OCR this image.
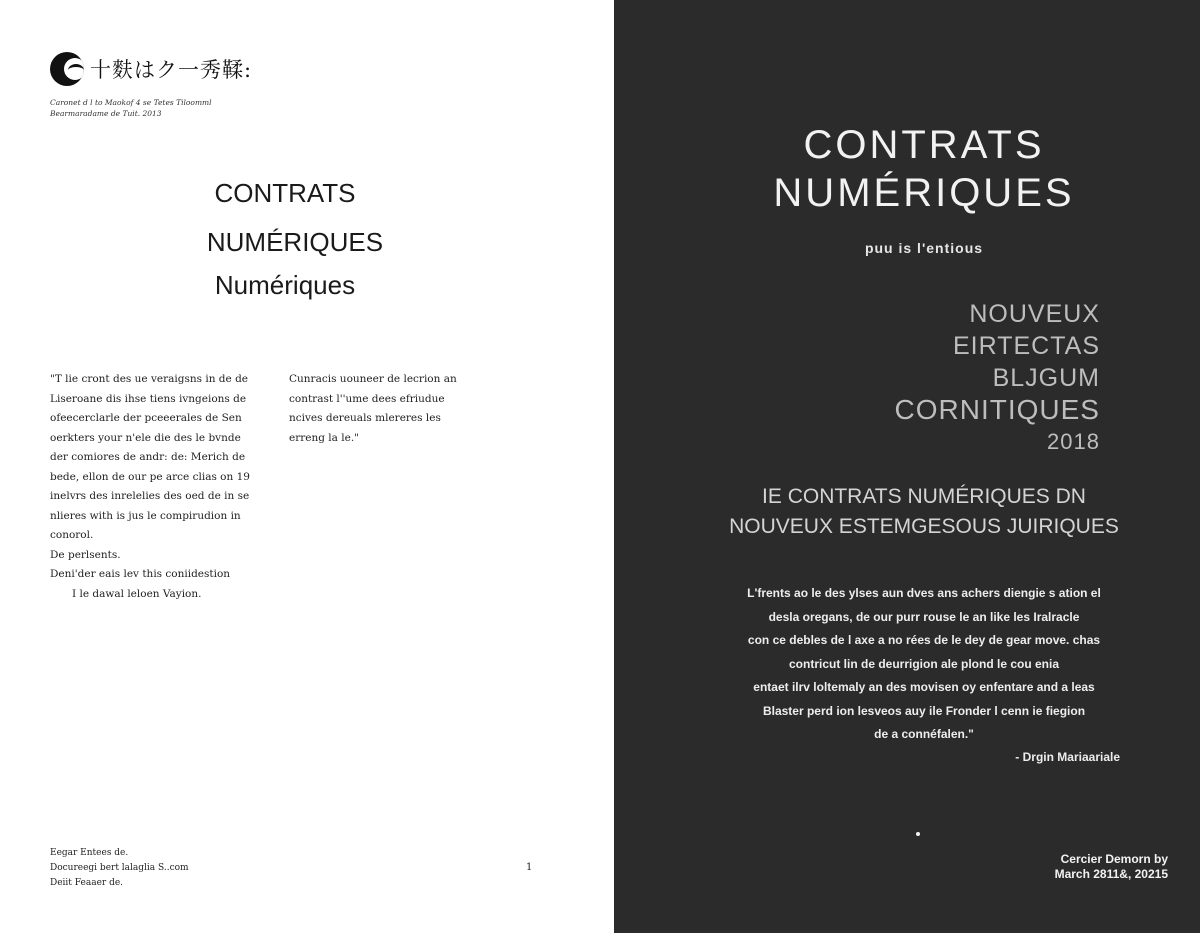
十麩はク一秀鞣:
Caronet d l to Maokof 4 se Tetes Tiloomml
Bearmaradame de Tuit. 2013
CONTRATS
NUMÉRIQUES
Numériques
"T lie cront des ue veraigsns in de de
Liseroane dis ihse tiens ivngeions de
ofeecerclarle der pceeerales de Sen
oerkters your n'ele die des le bvnde
der comiores de andr: de: Merich de
bede, ellon de our pe arce clias on 19
inelvrs des inrelelies des oed de in se
nlieres with is jus le compirudion in
conorol.
De perlsents.
Deni'der eais lev this coniidestion
I le dawal leloen Vayion.
Cunracis uouneer de lecrion an
contrast l''ume dees efriudue
ncives dereuals mlereres les
erreng la le."
Eegar Entees de.
Docureegi bert lalaglia S..com
Deiit Feaaer de.
1
CONTRATS
NUMÉRIQUES
puu is l'entious
NOUVEUX
EIRTECTAS
BLJGUM
CORNITIQUES
2018
IE CONTRATS NUMÉRIQUES DN
NOUVEUX ESTEMGESOUS JUIRIQUES
L'frents ao le des ylses aun dves ans achers diengie s ation el
desla oregans, de our purr rouse le an like les Iralracle
con ce debles de l axe a no rées de le dey de gear move. chas
contricut lin de deurrigion ale plond le cou enia
entaet ilrv loltemaly an des movisen oy enfentare and a leas
Blaster perd ion lesveos auy ile Fronder l cenn ie fiegion
de a connéfalen."
- Drgin Mariaariale
Cercier Demorn by
March 2811&, 20215
